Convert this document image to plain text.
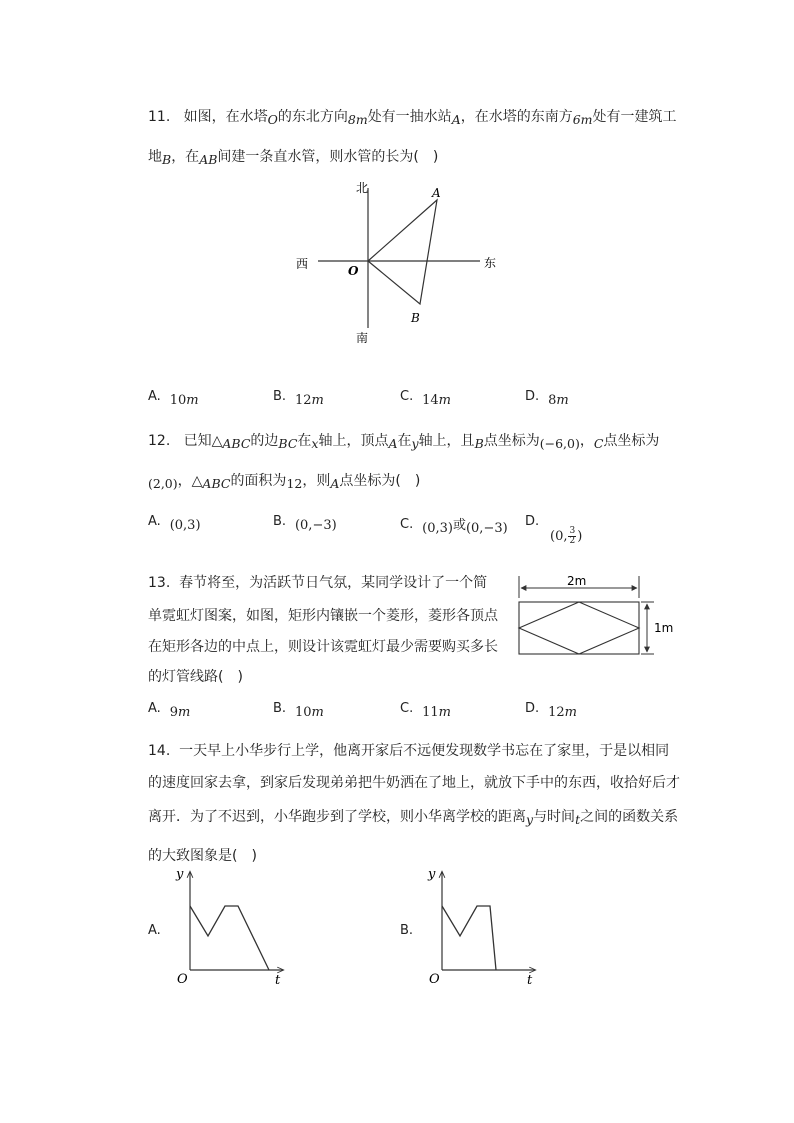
11. 如图，在水塔O的东北方向8m处有一抽水站A，在水塔的东南方6m处有一建筑工
地B，在AB间建一条直水管，则水管的长为(　)
北
南
西	东
O
A
B
A. 10m	B. 12m	C. 14m	D. 8m
12. 已知△ABC的边BC在x轴上，顶点A在y轴上，且B点坐标为(−6,0)，C点坐标为
(2,0)，△ABC的面积为12，则A点坐标为(　)
A. (0,3)	B. (0,−3)	C. (0,3)或(0,−3) D.
(0, $\frac{3}{2}$ )
13. 春节将至，为活跃节日气氛，某同学设计了一个简
单霓虹灯图案，如图，矩形内镶嵌一个菱形，菱形各顶点
在矩形各边的中点上，则设计该霓虹灯最少需要购买多长
的灯管线路(　)
2m
1m
A. 9m	B. 10m	C. 11m	D. 12m
14. 一天早上小华步行上学，他离开家后不远便发现数学书忘在了家里，于是以相同
的速度回家去拿，到家后发现弟弟把牛奶洒在了地上，就放下手中的东西，收拾好后才
离开．为了不迟到，小华跑步到了学校，则小华离学校的距离y与时间t之间的函数关系
的大致图象是(　)
A.
y
t
O
B.
y
t
O
